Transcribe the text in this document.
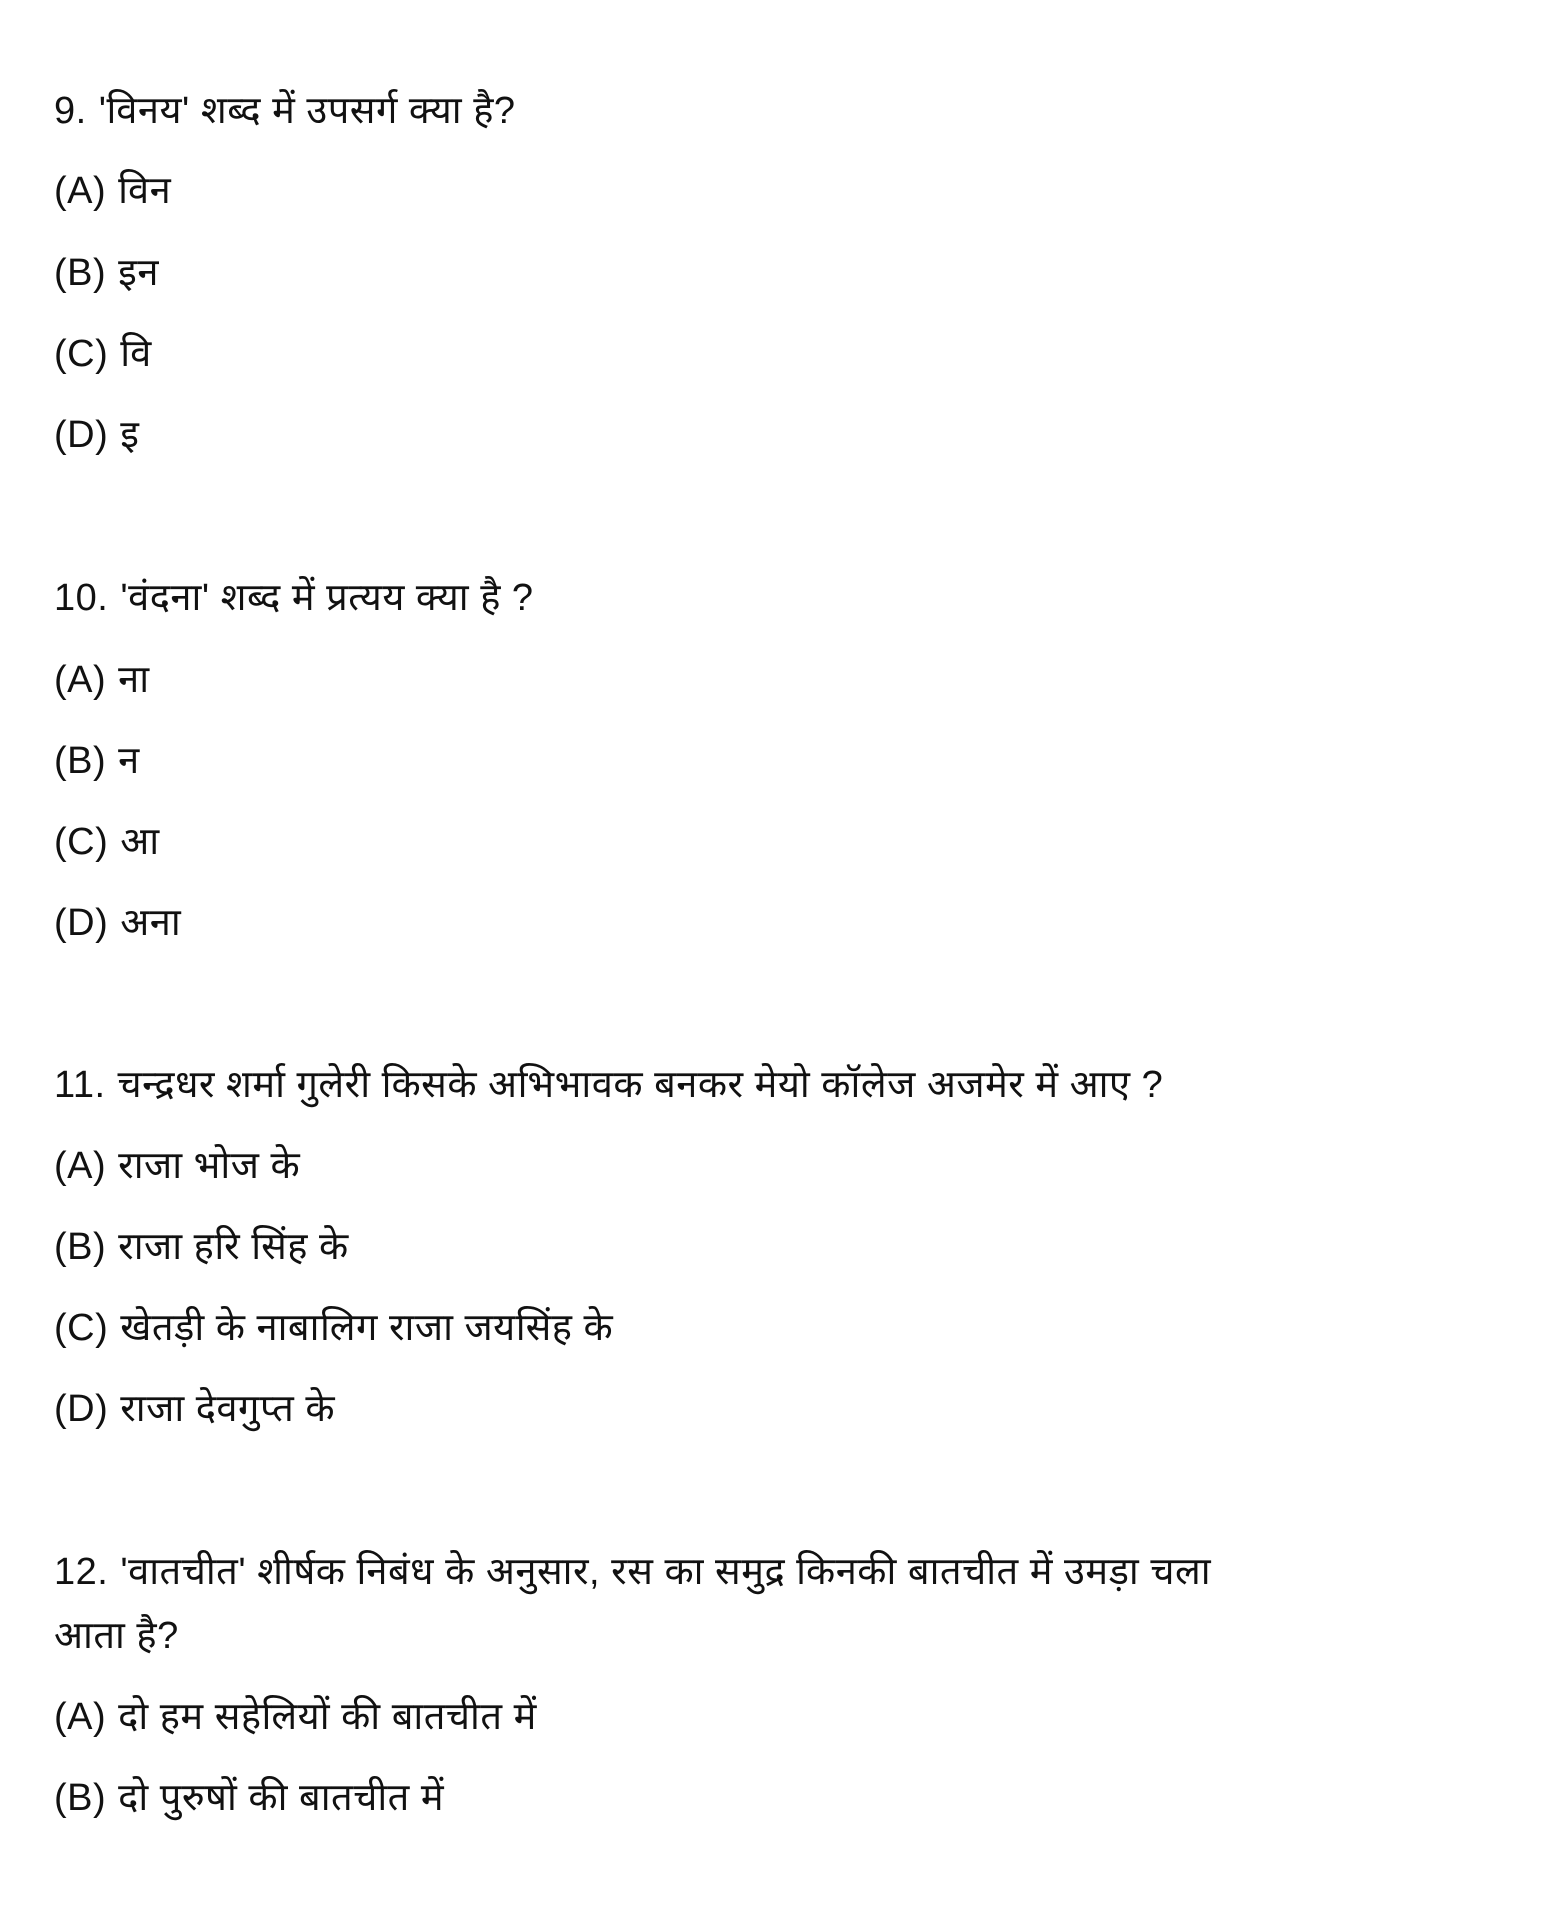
9. 'विनय' शब्द में उपसर्ग क्या है?
(A) विन
(B) इन
(C) वि
(D) इ
10. 'वंदना' शब्द में प्रत्यय क्या है ?
(A) ना
(B) न
(C) आ
(D) अना
11. चन्द्रधर शर्मा गुलेरी किसके अभिभावक बनकर मेयो कॉलेज अजमेर में आए ?
(A) राजा भोज के
(B) राजा हरि सिंह के
(C) खेतड़ी के नाबालिग राजा जयसिंह के
(D) राजा देवगुप्त के
12. 'वातचीत' शीर्षक निबंध के अनुसार, रस का समुद्र किनकी बातचीत में उमड़ा चला
आता है?
(A) दो हम सहेलियों की बातचीत में
(B) दो पुरुषों की बातचीत में
